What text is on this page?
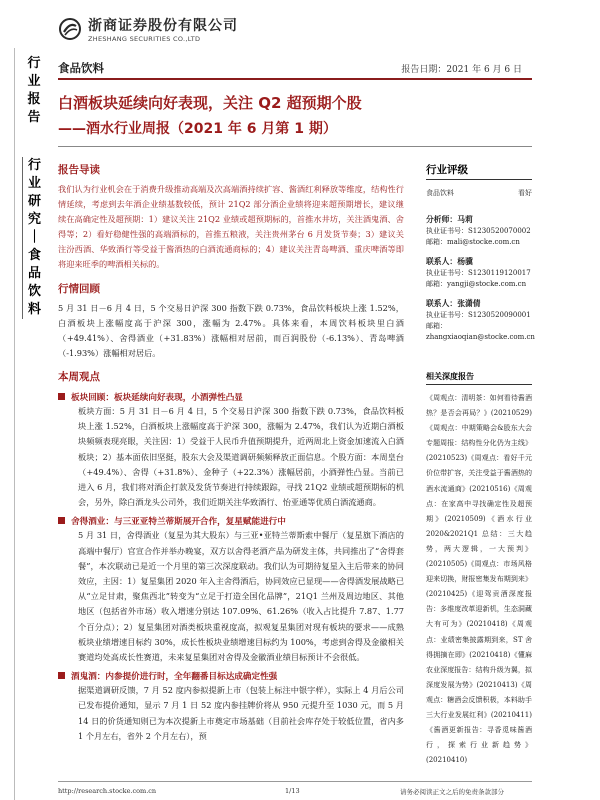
浙商证券股份有限公司
ZHESHANG SECURITIES CO.,LTD
行业报告
行业研究｜食品饮料
食品饮料	报告日期：2021 年 6 月 6 日
白酒板块延续向好表现，关注 Q2 超预期个股
——酒水行业周报（2021 年 6 月第 1 期）
报告导读
我们认为行业机会在于消费升级推动高端及次高端酒持续扩容、酱酒红利释放等维度，结构性行情延续，考虑到去年酒企业绩基数较低，预计 21Q2 部分酒企业绩将迎来超预期增长，建议继续在高确定性及超预期：1）建议关注 21Q2 业绩或超预期标的，首推水井坊，关注酒鬼酒、舍得等；2）看好稳健性强的高端酒标的，首推五粮液，关注贵州茅台 6 月发货节奏；3）建议关注汾西酒、华致酒行等受益于酱酒热的白酒流通商标的；4）建议关注青岛啤酒、重庆啤酒等即将迎来旺季的啤酒相关标的。
行情回顾
5 月 31 日－6 月 4 日，5 个交易日沪深 300 指数下跌 0.73%，食品饮料板块上涨 1.52%，白酒板块上涨幅度高于沪深 300，涨幅为 2.47%。具体来看，本周饮料板块里白酒（+49.41%）、舍得酒业（+31.83%）涨幅相对居前，而百润股份（-6.13%）、青岛啤酒（-1.93%）涨幅相对居后。
本周观点
板块回顾：板块延续向好表现，小酒弹性凸显
板块方面：5 月 31 日－6 月 4 日，5 个交易日沪深 300 指数下跌 0.73%，食品饮料板块上涨 1.52%，白酒板块上涨幅度高于沪深 300，涨幅为 2.47%，我们认为近期白酒板块频频表现亮眼，关注因：1）受益于人民币升值预期提升，近两周北上资金加速流入白酒板块；2）基本面依旧坚挺，股东大会及渠道调研频频释放正面信息。个股方面：本周皇台（+49.4%）、舍得（+31.8%）、金种子（+22.3%）涨幅居前，小酒弹性凸显。当前已进入 6 月，我们将对酒企打款及发货节奏进行持续跟踪，寻找 21Q2 业绩或超预期标的机会，另外，除白酒龙头公司外，我们近期关注华致酒行、怡亚通等优质白酒流通商。
舍得酒业：与三亚亚特兰蒂斯展开合作，复星赋能进行中
5 月 31 日，舍得酒业（复星为其大股东）与三亚•亚特兰蒂斯索中餐厅（复星旗下酒店的高端中餐厅）官宣合作并举办晚宴，双方以舍得老酒产品为研发主体，共同推出了“舍得套餐”，本次联动已是近一个月里的第三次深度联动。我们认为可期待复星入主后带来的协同效应，主因：1）复星集团 2020 年入主舍得酒后，协同效应已显现——舍得酒发展战略已从“立足甘肃，聚焦西北”转变为“立足于打造全国化品牌”，21Q1 兰州及周边地区、其他地区（包括省外市场）收入增速分别达 107.09%、61.26%（收入占比提升 7.87、1.77 个百分点）；2）复星集团对酒类板块重视度高，拟观复星集团对现有板块的要求——成熟板块业绩增速目标约 30%，成长性板块业绩增速目标约为 100%，考虑到舍得及金徽相关赛道均处高成长性赛道，未来复星集团对舍得及金徽酒业绩目标预计不会很低。
酒鬼酒：内参提价进行时，全年翻番目标达成确定性强
据渠道调研反馈，7 月 52 度内参拟提新上市（包装上标注中银字样），实际上 4 月后公司已发布提价通知，显示 7 月 1 日 52 度内参挂牌价将从 950 元提升至 1030 元，而 5 月 14 日的价货通知则已为本次提新上市奠定市场基础（目前社会库存处于较低位置，省内多 1 个月左右，省外 2 个月左右），预
行业评级
食品饮料	看好
分析师：马莉
执业证书号：S1230520070002
邮箱：mali@stocke.com.cn
联系人：杨骥
执业证书号：S1230119120017
邮箱：yangji@stocke.com.cn
联系人：张潇倩
执业证书号：S1230520090001
邮箱：zhangxiaoqian@stocke.com.cn
相关深度报告
《周观点：清明茶：如何看待酱酒热？是否会再局？》(20210529)《周观点：中期策略会&股东大会专题周报：结构性分化仍为主线》(20210523)《周观点：看好千元价位带扩容，关注受益于酱酒热的酒水流通商》(20210516)《周观点：在家高中寻找确定性及超预期》(20210509)《酒水行业 2020&2021Q1 总结：三大趋势，两大逻辑，一大预判》(20210505)《周观点：市场风格迎来切换，财报密集发布期到来》(20210425)《迎驾贡酒深度报告：多维度改革迎新机，生态洞藏大有可为》(20210418)《周观点：业绩密集披露期到来，ST 舍得拥摘在即》(20210418)《懂麻农业深度报告：结构升级为翼，拟深度发展为势》(20210413)《周观点：糖酒会反馈积极，本料助手三大行业发展红利》(20210411)《酱酒更新报告：寻香觅味酱酒行，探索行业新趋势》(20210410)
http://research.stocke.com.cn	1/13	请务必阅读正文之后的免责条款部分
